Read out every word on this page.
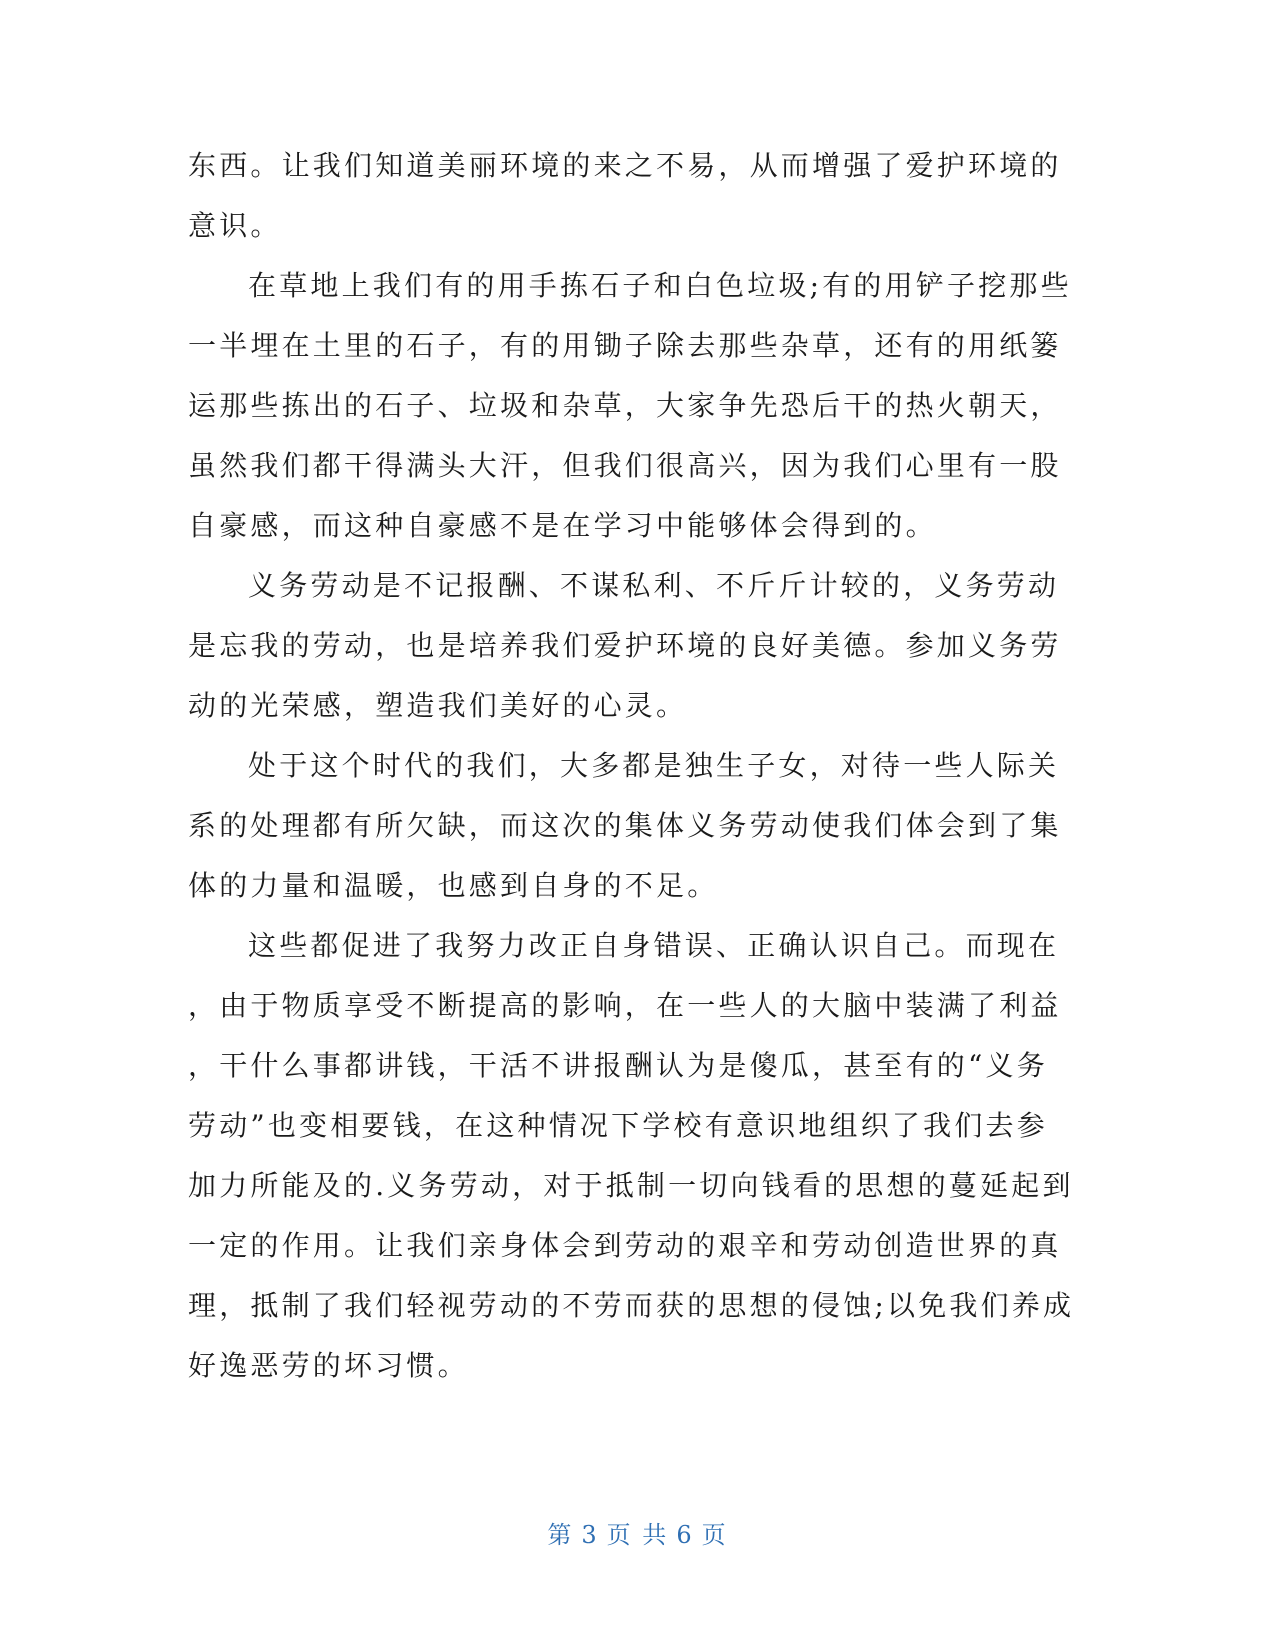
东西。让我们知道美丽环境的来之不易，从而增强了爱护环境的
意识。
在草地上我们有的用手拣石子和白色垃圾;有的用铲子挖那些
一半埋在土里的石子，有的用锄子除去那些杂草，还有的用纸篓
运那些拣出的石子、垃圾和杂草，大家争先恐后干的热火朝天，
虽然我们都干得满头大汗，但我们很高兴，因为我们心里有一股
自豪感，而这种自豪感不是在学习中能够体会得到的。
义务劳动是不记报酬、不谋私利、不斤斤计较的，义务劳动
是忘我的劳动，也是培养我们爱护环境的良好美德。参加义务劳
动的光荣感，塑造我们美好的心灵。
处于这个时代的我们，大多都是独生子女，对待一些人际关
系的处理都有所欠缺，而这次的集体义务劳动使我们体会到了集
体的力量和温暖，也感到自身的不足。
这些都促进了我努力改正自身错误、正确认识自己。而现在
，由于物质享受不断提高的影响，在一些人的大脑中装满了利益
，干什么事都讲钱，干活不讲报酬认为是傻瓜，甚至有的“义务
劳动”也变相要钱，在这种情况下学校有意识地组织了我们去参
加力所能及的.义务劳动，对于抵制一切向钱看的思想的蔓延起到
一定的作用。让我们亲身体会到劳动的艰辛和劳动创造世界的真
理，抵制了我们轻视劳动的不劳而获的思想的侵蚀;以免我们养成
好逸恶劳的坏习惯。
第 3 页 共 6 页
